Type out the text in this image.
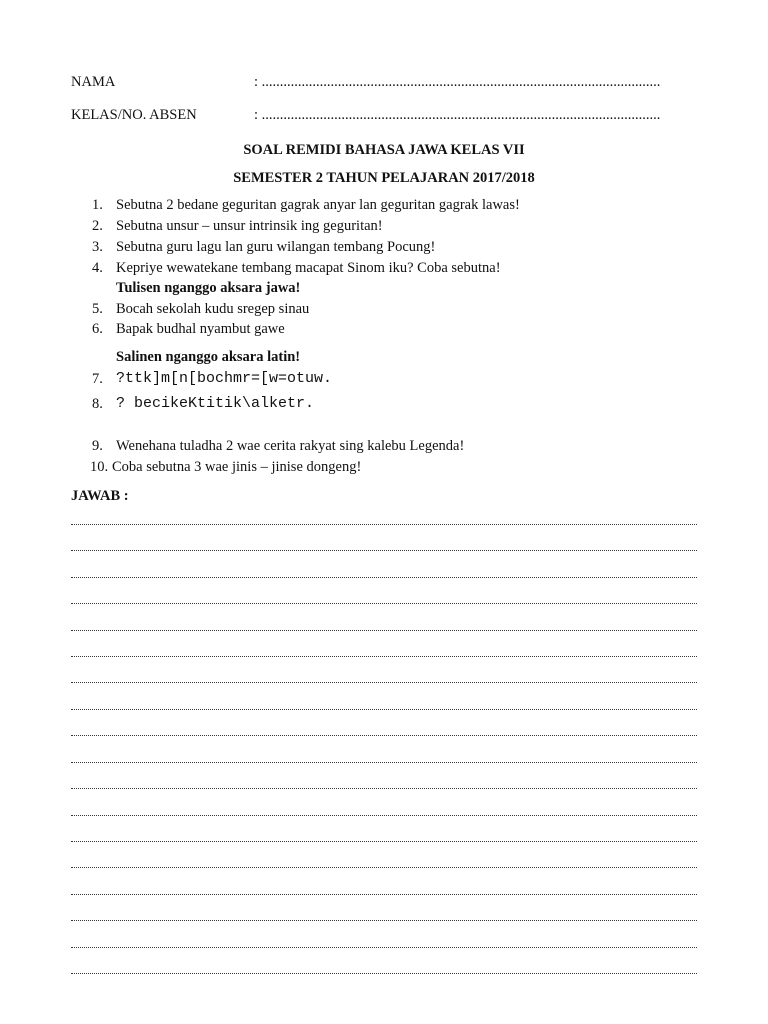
NAMA	: ..............................................................................................................
KELAS/NO. ABSEN	: ..............................................................................................................
SOAL REMIDI BAHASA JAWA KELAS VII
SEMESTER 2 TAHUN PELAJARAN 2017/2018
1. Sebutna 2 bedane geguritan gagrak anyar lan geguritan gagrak lawas!
2. Sebutna unsur – unsur intrinsik ing geguritan!
3. Sebutna guru lagu lan guru wilangan tembang Pocung!
4. Kepriye wewatekane tembang macapat Sinom iku? Coba sebutna!
Tulisen nganggo aksara jawa!
5. Bocah sekolah kudu sregep sinau
6. Bapak budhal nyambut gawe
Salinen nganggo aksara latin!
7. ?ttk]m[n[bochmr=[w=otuw.
8. ? becikeKtitik\alketr.
9. Wenehana tuladha 2 wae cerita rakyat sing kalebu Legenda!
10. Coba sebutna 3 wae jinis – jinise dongeng!
JAWAB :
